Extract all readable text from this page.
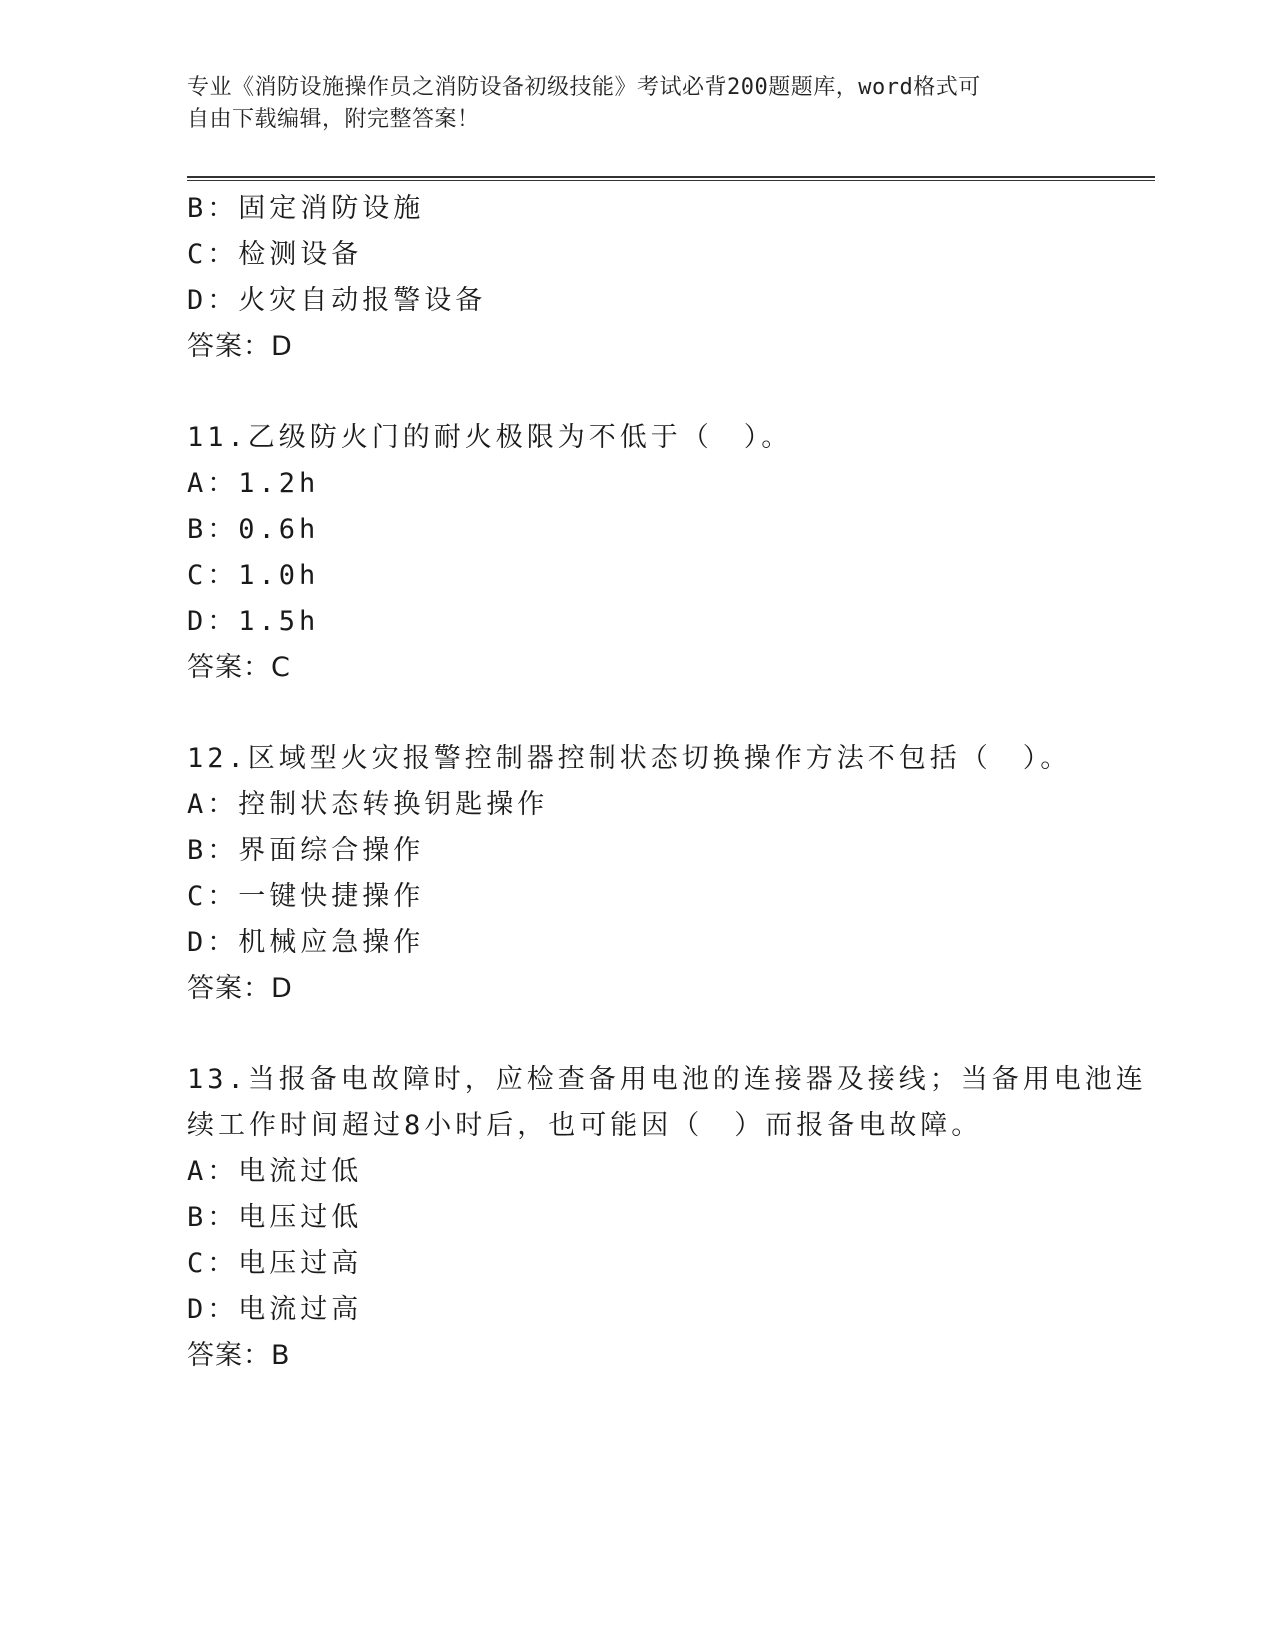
专业《消防设施操作员之消防设备初级技能》考试必背200题题库，word格式可
自由下载编辑，附完整答案！
B：固定消防设施
C：检测设备
D：火灾自动报警设备
答案：D
11.乙级防火门的耐火极限为不低于（　）。
A：1.2h
B：0.6h
C：1.0h
D：1.5h
答案：C
12.区域型火灾报警控制器控制状态切换操作方法不包括（　）。
A：控制状态转换钥匙操作
B：界面综合操作
C：一键快捷操作
D：机械应急操作
答案：D
13.当报备电故障时，应检查备用电池的连接器及接线；当备用电池连
续工作时间超过8小时后，也可能因（　）而报备电故障。
A：电流过低
B：电压过低
C：电压过高
D：电流过高
答案：B
